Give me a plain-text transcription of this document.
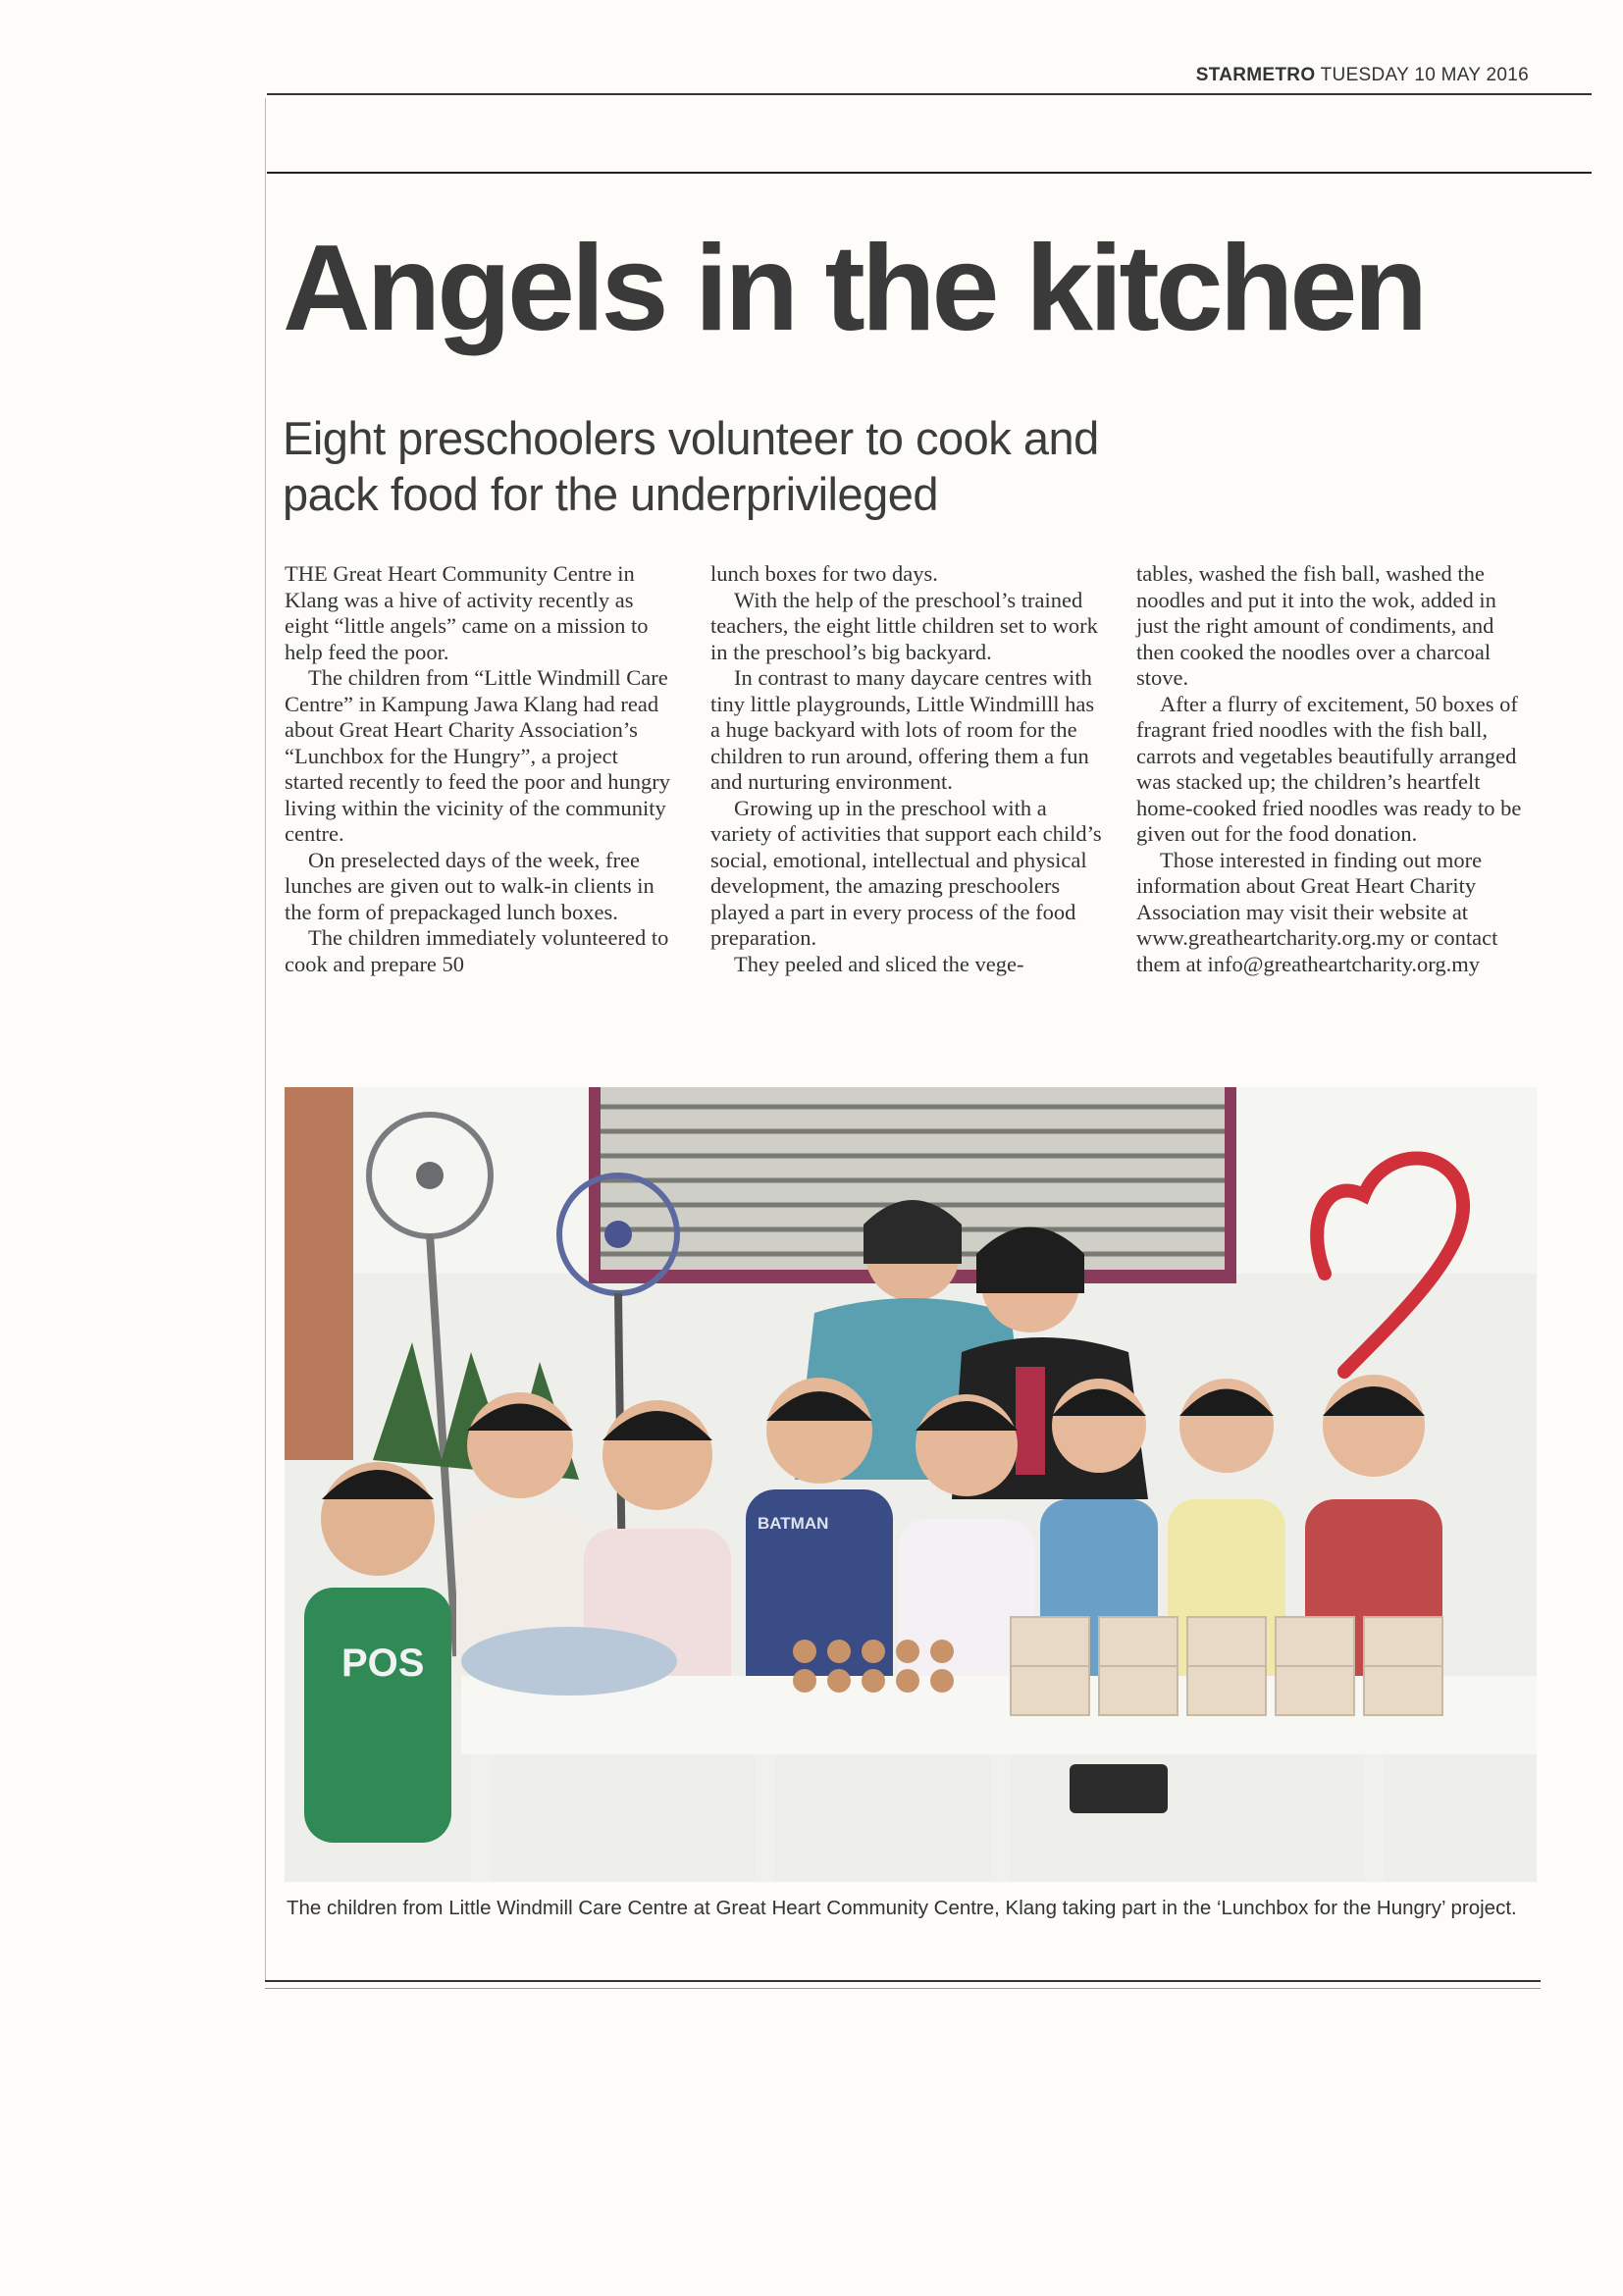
STARMETRO TUESDAY 10 MAY 2016
Angels in the kitchen
Eight preschoolers volunteer to cook and
pack food for the underprivileged

THE Great Heart Community Centre in Klang was a hive of activity recently as eight “little angels” came on a mission to help feed the poor.

The children from “Little Windmill Care Centre” in Kampung Jawa Klang had read about Great Heart Charity Association’s “Lunchbox for the Hungry”, a project started recently to feed the poor and hungry living within the vicinity of the community centre.

On preselected days of the week, free lunches are given out to walk-in clients in the form of prepackaged lunch boxes.

The children immediately volunteered to cook and prepare 50

lunch boxes for two days.

With the help of the preschool’s trained teachers, the eight little children set to work in the preschool’s big backyard.

In contrast to many daycare centres with tiny little playgrounds, Little Windmilll has a huge backyard with lots of room for the children to run around, offering them a fun and nurturing environment.

Growing up in the preschool with a variety of activities that support each child’s social, emotional, intellectual and physical development, the amazing preschoolers played a part in every process of the food preparation.

They peeled and sliced the vege-

tables, washed the fish ball, washed the noodles and put it into the wok, added in just the right amount of condiments, and then cooked the noodles over a charcoal stove.

After a flurry of excitement, 50 boxes of fragrant fried noodles with the fish ball, carrots and vegetables beautifully arranged was stacked up; the children’s heartfelt home-cooked fried noodles was ready to be given out for the food donation.

Those interested in finding out more information about Great Heart Charity Association may visit their website at www.greatheartcharity.org.my or contact them at info@greatheartcharity.org.my

POS
BATMAN
The children from Little Windmill Care Centre at Great Heart Community Centre, Klang taking part in the ‘Lunchbox for the Hungry’ project.
